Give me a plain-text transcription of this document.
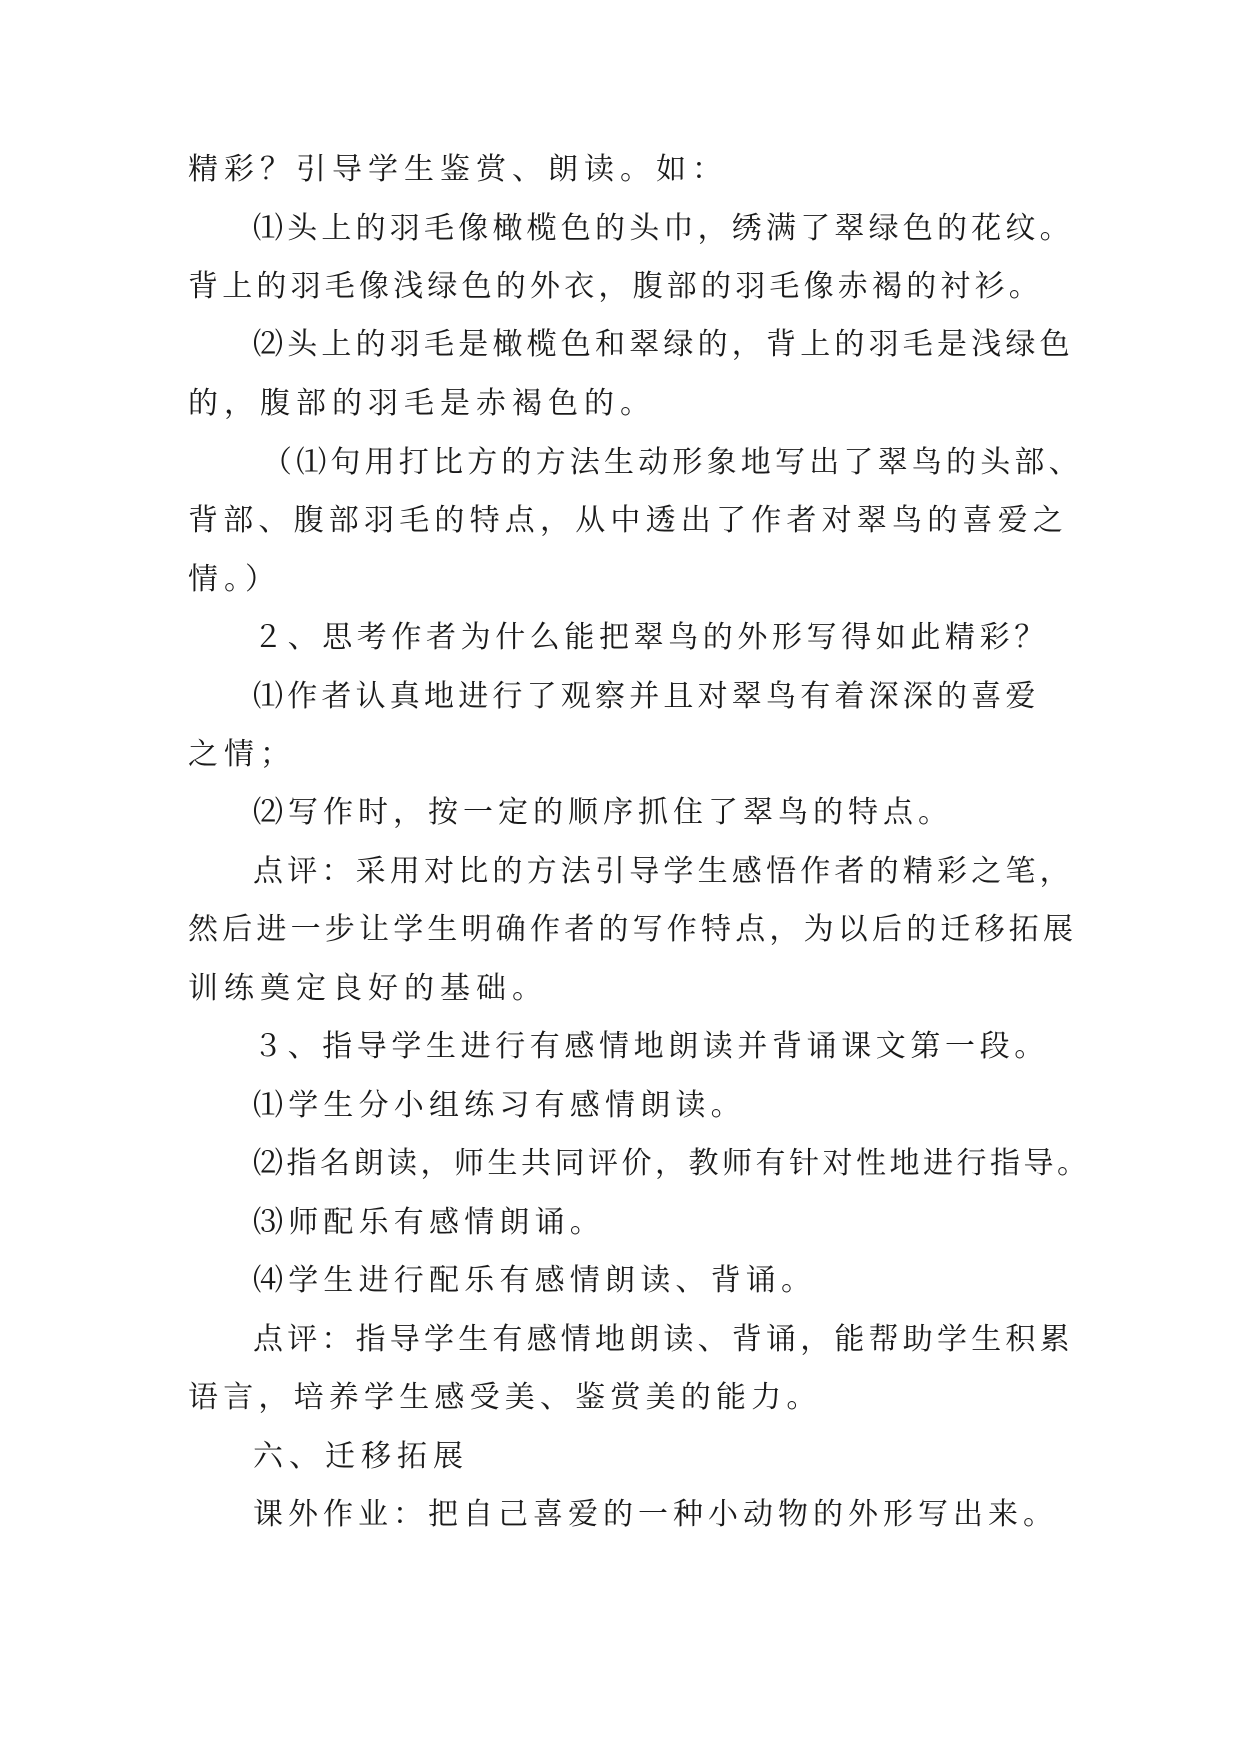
精彩？引导学生鉴赏、朗读。如：
⑴头上的羽毛像橄榄色的头巾，绣满了翠绿色的花纹。
背上的羽毛像浅绿色的外衣，腹部的羽毛像赤褐的衬衫。
⑵头上的羽毛是橄榄色和翠绿的，背上的羽毛是浅绿色
的，腹部的羽毛是赤褐色的。
（⑴句用打比方的方法生动形象地写出了翠鸟的头部、
背部、腹部羽毛的特点，从中透出了作者对翠鸟的喜爱之
情。）
２、思考作者为什么能把翠鸟的外形写得如此精彩？
⑴作者认真地进行了观察并且对翠鸟有着深深的喜爱
之情；
⑵写作时，按一定的顺序抓住了翠鸟的特点。
点评：采用对比的方法引导学生感悟作者的精彩之笔，
然后进一步让学生明确作者的写作特点，为以后的迁移拓展
训练奠定良好的基础。
３、指导学生进行有感情地朗读并背诵课文第一段。
⑴学生分小组练习有感情朗读。
⑵指名朗读，师生共同评价，教师有针对性地进行指导。
⑶师配乐有感情朗诵。
⑷学生进行配乐有感情朗读、背诵。
点评：指导学生有感情地朗读、背诵，能帮助学生积累
语言，培养学生感受美、鉴赏美的能力。
六、迁移拓展
课外作业：把自己喜爱的一种小动物的外形写出来。
